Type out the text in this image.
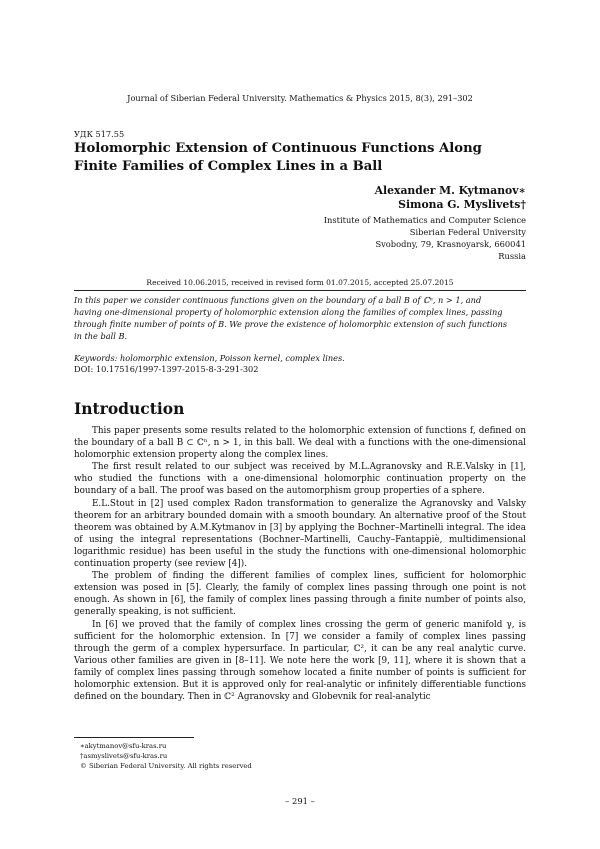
Journal of Siberian Federal University. Mathematics & Physics 2015, 8(3), 291–302
УДК 517.55
Holomorphic Extension of Continuous Functions Along
Finite Families of Complex Lines in a Ball
Alexander M. Kytmanov∗
Simona G. Myslivets†
Institute of Mathematics and Computer Science
Siberian Federal University
Svobodny, 79, Krasnoyarsk, 660041
Russia
Received 10.06.2015, received in revised form 01.07.2015, accepted 25.07.2015
In this paper we consider continuous functions given on the boundary of a ball B of ℂⁿ, n > 1, and
having one-dimensional property of holomorphic extension along the families of complex lines, passing
through finite number of points of B. We prove the existence of holomorphic extension of such functions
in the ball B.
Keywords: holomorphic extension, Poisson kernel, complex lines.
DOI: 10.17516/1997-1397-2015-8-3-291-302
Introduction

This paper presents some results related to the holomorphic extension of functions f, defined on the boundary of a ball B ⊂ ℂⁿ, n > 1, in this ball. We deal with a functions with the one-dimensional holomorphic extension property along the complex lines.

The first result related to our subject was received by M.L.Agranovsky and R.E.Valsky in [1], who studied the functions with a one-dimensional holomorphic continuation property on the boundary of a ball. The proof was based on the automorphism group properties of a sphere.

E.L.Stout in [2] used complex Radon transformation to generalize the Agranovsky and Valsky theorem for an arbitrary bounded domain with a smooth boundary. An alternative proof of the Stout theorem was obtained by A.M.Kytmanov in [3] by applying the Bochner–Martinelli integral. The idea of using the integral representations (Bochner–Martinelli, Cauchy–Fantappiè, multidimensional logarithmic residue) has been useful in the study the functions with one-dimensional holomorphic continuation property (see review [4]).

The problem of finding the different families of complex lines, sufficient for holomorphic extension was posed in [5]. Clearly, the family of complex lines passing through one point is not enough. As shown in [6], the family of complex lines passing through a finite number of points also, generally speaking, is not sufficient.

In [6] we proved that the family of complex lines crossing the germ of generic manifold γ, is sufficient for the holomorphic extension. In [7] we consider a family of complex lines passing through the germ of a complex hypersurface. In particular, ℂ², it can be any real analytic curve. Various other families are given in [8–11]. We note here the work [9, 11], where it is shown that a family of complex lines passing through somehow located a finite number of points is sufficient for holomorphic extension. But it is approved only for real-analytic or infinitely differentiable functions defined on the boundary. Then in ℂ² Agranovsky and Globevnik for real-analytic

∗akytmanov@sfu-kras.ru
†asmyslivets@sfu-kras.ru
© Siberian Federal University. All rights reserved
– 291 –
